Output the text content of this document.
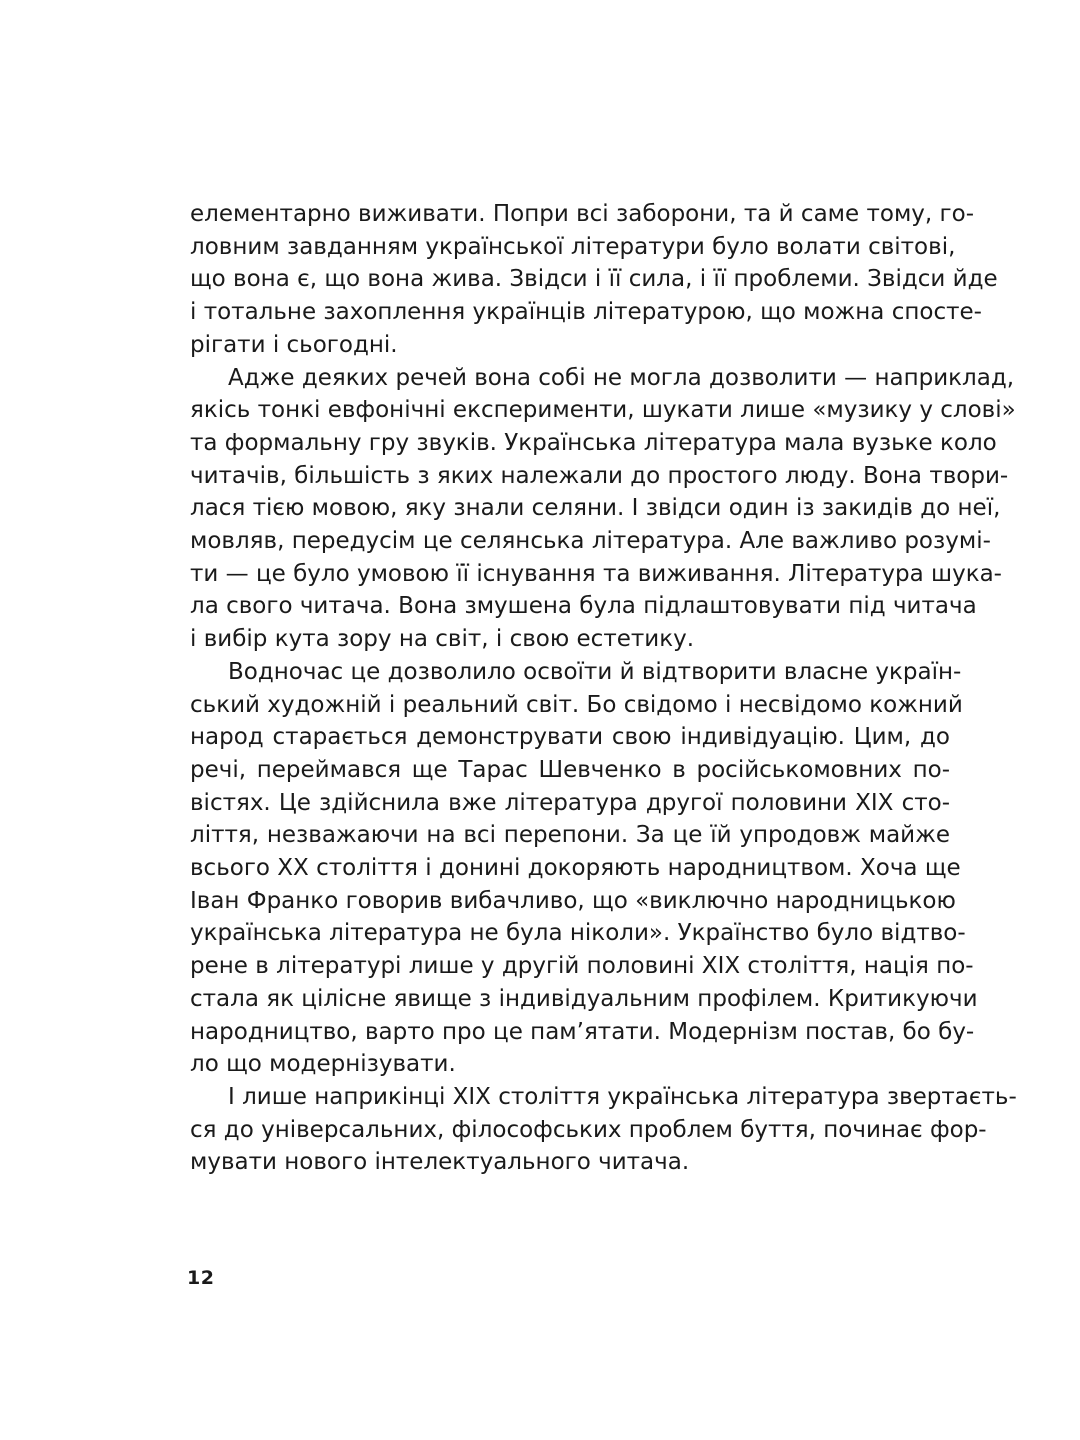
елементарно виживати. Попри всі заборони, та й саме тому, го-
ловним завданням української літератури було волати світові,
що вона є, що вона жива. Звідси і її сила, і її проблеми. Звідси йде
і тотальне захоплення українців літературою, що можна спосте-
рігати і сьогодні.
Адже деяких речей вона собі не могла дозволити — наприклад,
якісь тонкі евфонічні експерименти, шукати лише «музику у слові»
та формальну гру звуків. Українська література мала вузьке коло
читачів, більшість з яких належали до простого люду. Вона твори-
лася тією мовою, яку знали селяни. І звідси один із закидів до неї,
мовляв, передусім це селянська література. Але важливо розумі-
ти — це було умовою її існування та виживання. Література шука-
ла свого читача. Вона змушена була підлаштовувати під читача
і вибір кута зору на світ, і свою естетику.
Водночас це дозволило освоїти й відтворити власне україн-
ський художній і реальний світ. Бо свідомо і несвідомо кожний
народ старається демонструвати свою індивідуацію. Цим, до
речі, переймався ще Тарас Шевченко в російськомовних по-
вістях. Це здійснила вже література другої половини XIX сто-
ліття, незважаючи на всі перепони. За це їй упродовж майже
всього XX століття і донині докоряють народництвом. Хоча ще
Іван Франко говорив вибачливо, що «виключно народницькою
українська література не була ніколи». Українство було відтво-
рене в літературі лише у другій половині XIX століття, нація по-
стала як цілісне явище з індивідуальним профілем. Критикуючи
народництво, варто про це пам’ятати. Модернізм постав, бо бу-
ло що модернізувати.
І лише наприкінці XIX століття українська література звертаєть-
ся до універсальних, філософських проблем буття, починає фор-
мувати нового інтелектуального читача.
12
